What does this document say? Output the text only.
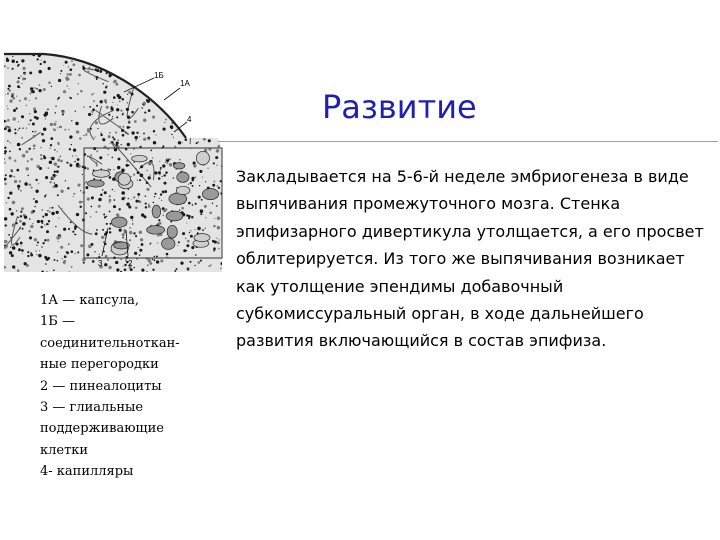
1Б
1А
4
3	2
Развитие
Закладывается на 5-6-й неделе эмбриогенеза в виде выпячивания промежуточного мозга. Стенка эпифизарного дивертикула утолщается, а его просвет облитерируется. Из того же выпячивания возникает как утолщение эпендимы добавочный субкомиссуральный орган, в ходе дальнейшего развития включающийся в состав эпифиза.
1А — капсула,
1Б —
соединительноткан-
ные перегородки
2 — пинеалоциты
3 — глиальные
поддерживающие
клетки
4- капилляры
